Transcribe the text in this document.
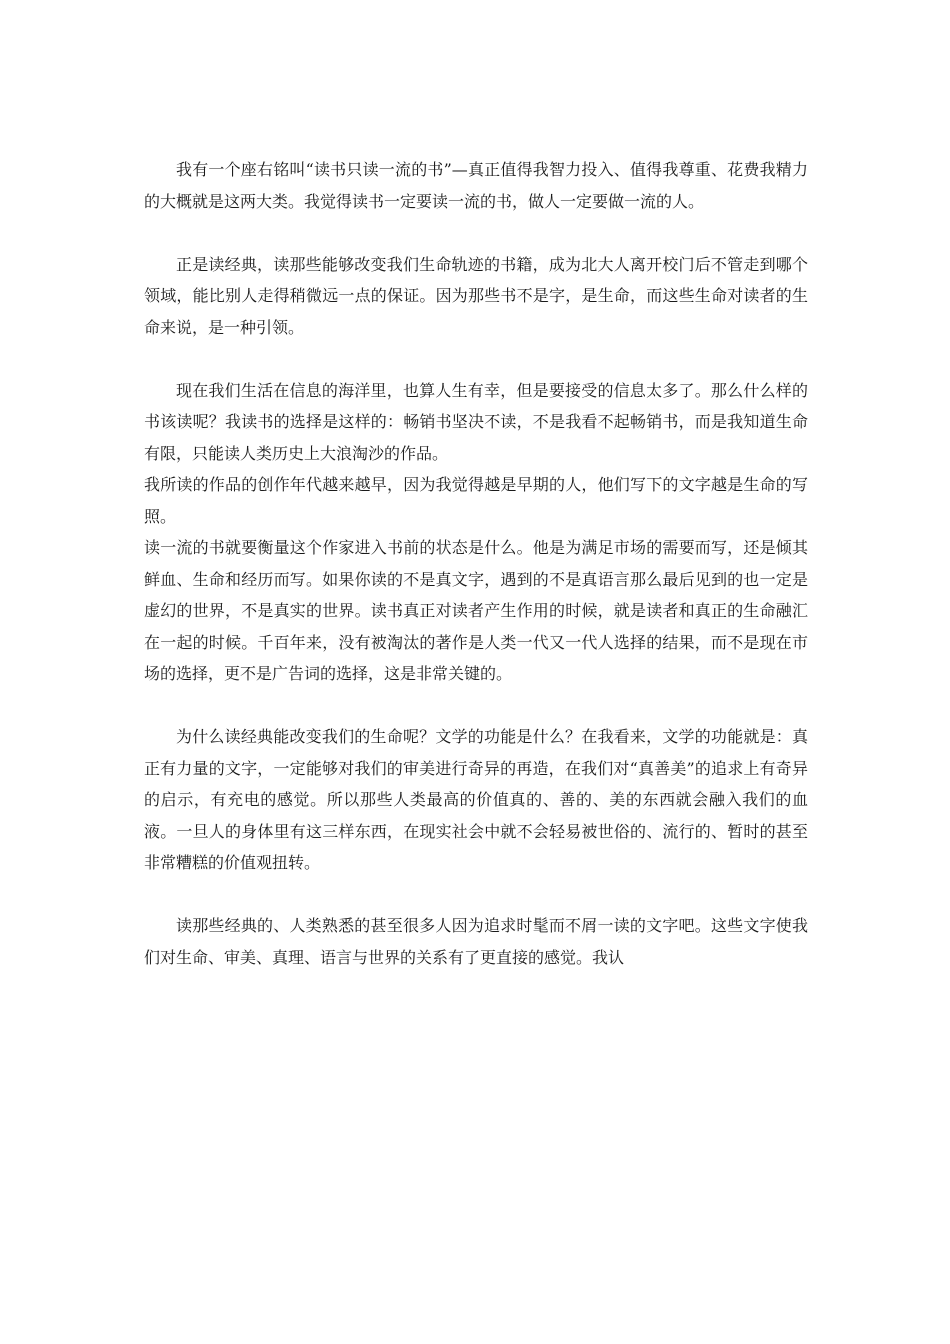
我有一个座右铭叫“读书只读一流的书”—真正值得我智力投入、值得我尊重、花费我精力的大概就是这两大类。我觉得读书一定要读一流的书，做人一定要做一流的人。

正是读经典，读那些能够改变我们生命轨迹的书籍，成为北大人离开校门后不管走到哪个领域，能比别人走得稍微远一点的保证。因为那些书不是字，是生命，而这些生命对读者的生命来说，是一种引领。

现在我们生活在信息的海洋里，也算人生有幸，但是要接受的信息太多了。那么什么样的书该读呢？我读书的选择是这样的：畅销书坚决不读，不是我看不起畅销书，而是我知道生命有限，只能读人类历史上大浪淘沙的作品。

我所读的作品的创作年代越来越早，因为我觉得越是早期的人，他们写下的文字越是生命的写照。

读一流的书就要衡量这个作家进入书前的状态是什么。他是为满足市场的需要而写，还是倾其鲜血、生命和经历而写。如果你读的不是真文字，遇到的不是真语言那么最后见到的也一定是虚幻的世界，不是真实的世界。读书真正对读者产生作用的时候，就是读者和真正的生命融汇在一起的时候。千百年来，没有被淘汰的著作是人类一代又一代人选择的结果，而不是现在市场的选择，更不是广告词的选择，这是非常关键的。

为什么读经典能改变我们的生命呢？文学的功能是什么？在我看来，文学的功能就是：真正有力量的文字，一定能够对我们的审美进行奇异的再造，在我们对“真善美”的追求上有奇异的启示，有充电的感觉。所以那些人类最高的价值真的、善的、美的东西就会融入我们的血液。一旦人的身体里有这三样东西，在现实社会中就不会轻易被世俗的、流行的、暂时的甚至非常糟糕的价值观扭转。

读那些经典的、人类熟悉的甚至很多人因为追求时髦而不屑一读的文字吧。这些文字使我们对生命、审美、真理、语言与世界的关系有了更直接的感觉。我认
